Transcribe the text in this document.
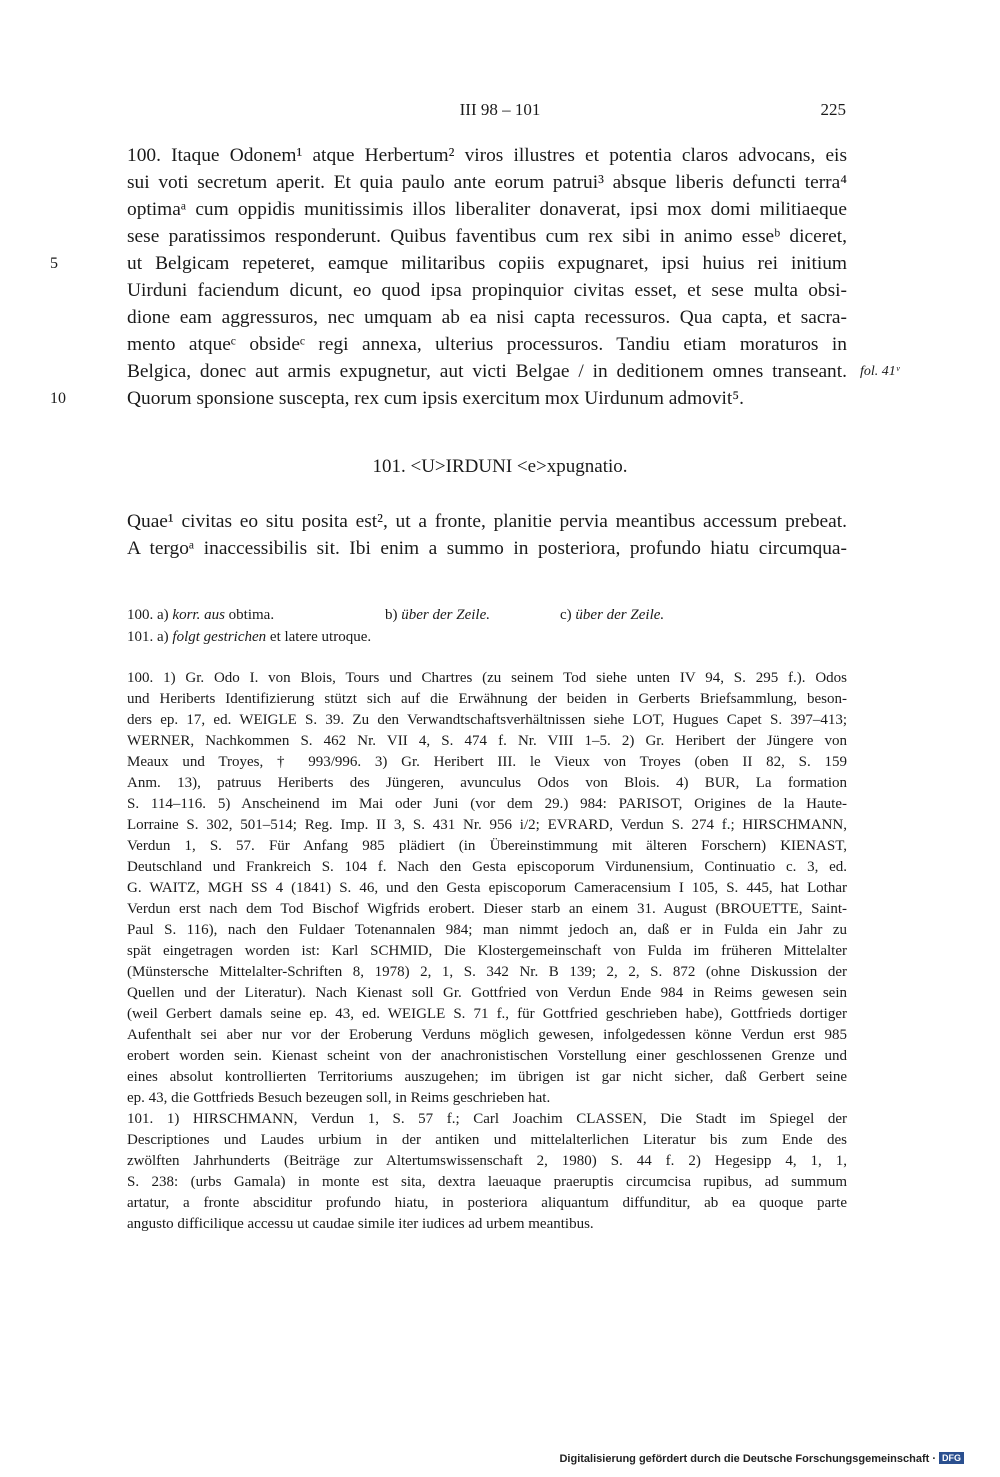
III 98 – 101	225
100. Itaque Odonem¹ atque Herbertum² viros illustres et potentia claros advocans, eis
sui voti secretum aperit. Et quia paulo ante eorum patrui³ absque liberis defuncti terra⁴
optimaᵃ cum oppidis munitissimis illos liberaliter donaverat, ipsi mox domi militiaeque
sese paratissimos responderunt. Quibus faventibus cum rex sibi in animo esseᵇ diceret,
ut Belgicam repeteret, eamque militaribus copiis expugnaret, ipsi huius rei initium
Uirduni faciendum dicunt, eo quod ipsa propinquior civitas esset, et sese multa obsi-
dione eam aggressuros, nec umquam ab ea nisi capta recessuros. Qua capta, et sacra-
mento atqueᶜ obsideᶜ regi annexa, ulterius processuros. Tandiu etiam moraturos in
Belgica, donec aut armis expugnetur, aut victi Belgae / in deditionem omnes transeant.
Quorum sponsione suscepta, rex cum ipsis exercitum mox Uirdunum admovit⁵.
5
10
fol. 41ᵛ
101. <U>IRDUNI <e>xpugnatio.
Quae¹ civitas eo situ posita est², ut a fronte, planitie pervia meantibus accessum prebeat.
A tergoᵃ inaccessibilis sit. Ibi enim a summo in posteriora, profundo hiatu circumqua-
100. a) korr. aus obtima.	b) über der Zeile.	c) über der Zeile.
101. a) folgt gestrichen et latere utroque.
100. 1) Gr. Odo I. von Blois, Tours und Chartres (zu seinem Tod siehe unten IV 94, S. 295 f.). Odos
und Heriberts Identifizierung stützt sich auf die Erwähnung der beiden in Gerberts Briefsammlung, beson-
ders ep. 17, ed. WEIGLE S. 39. Zu den Verwandtschaftsverhältnissen siehe LOT, Hugues Capet S. 397–413;
WERNER, Nachkommen S. 462 Nr. VII 4, S. 474 f. Nr. VIII 1–5. 2) Gr. Heribert der Jüngere von
Meaux und Troyes, † 993/996. 3) Gr. Heribert III. le Vieux von Troyes (oben II 82, S. 159
Anm. 13), patruus Heriberts des Jüngeren, avunculus Odos von Blois. 4) BUR, La formation
S. 114–116. 5) Anscheinend im Mai oder Juni (vor dem 29.) 984: PARISOT, Origines de la Haute-
Lorraine S. 302, 501–514; Reg. Imp. II 3, S. 431 Nr. 956 i/2; EVRARD, Verdun S. 274 f.; HIRSCHMANN,
Verdun 1, S. 57. Für Anfang 985 plädiert (in Übereinstimmung mit älteren Forschern) KIENAST,
Deutschland und Frankreich S. 104 f. Nach den Gesta episcoporum Virdunensium, Continuatio c. 3, ed.
G. WAITZ, MGH SS 4 (1841) S. 46, und den Gesta episcoporum Cameracensium I 105, S. 445, hat Lothar
Verdun erst nach dem Tod Bischof Wigfrids erobert. Dieser starb an einem 31. August (BROUETTE, Saint-
Paul S. 116), nach den Fuldaer Totenannalen 984; man nimmt jedoch an, daß er in Fulda ein Jahr zu
spät eingetragen worden ist: Karl SCHMID, Die Klostergemeinschaft von Fulda im früheren Mittelalter
(Münstersche Mittelalter-Schriften 8, 1978) 2, 1, S. 342 Nr. B 139; 2, 2, S. 872 (ohne Diskussion der
Quellen und der Literatur). Nach Kienast soll Gr. Gottfried von Verdun Ende 984 in Reims gewesen sein
(weil Gerbert damals seine ep. 43, ed. WEIGLE S. 71 f., für Gottfried geschrieben habe), Gottfrieds dortiger
Aufenthalt sei aber nur vor der Eroberung Verduns möglich gewesen, infolgedessen könne Verdun erst 985
erobert worden sein. Kienast scheint von der anachronistischen Vorstellung einer geschlossenen Grenze und
eines absolut kontrollierten Territoriums auszugehen; im übrigen ist gar nicht sicher, daß Gerbert seine
ep. 43, die Gottfrieds Besuch bezeugen soll, in Reims geschrieben hat.
101. 1) HIRSCHMANN, Verdun 1, S. 57 f.; Carl Joachim CLASSEN, Die Stadt im Spiegel der
Descriptiones und Laudes urbium in der antiken und mittelalterlichen Literatur bis zum Ende des
zwölften Jahrhunderts (Beiträge zur Altertumswissenschaft 2, 1980) S. 44 f. 2) Hegesipp 4, 1, 1,
S. 238: (urbs Gamala) in monte est sita, dextra laeuaque praeruptis circumcisa rupibus, ad summum
artatur, a fronte absciditur profundo hiatu, in posteriora aliquantum diffunditur, ab ea quoque parte
angusto difficilique accessu ut caudae simile iter iudices ad urbem meantibus.
Digitalisierung gefördert durch die Deutsche Forschungsgemeinschaft · DFG
